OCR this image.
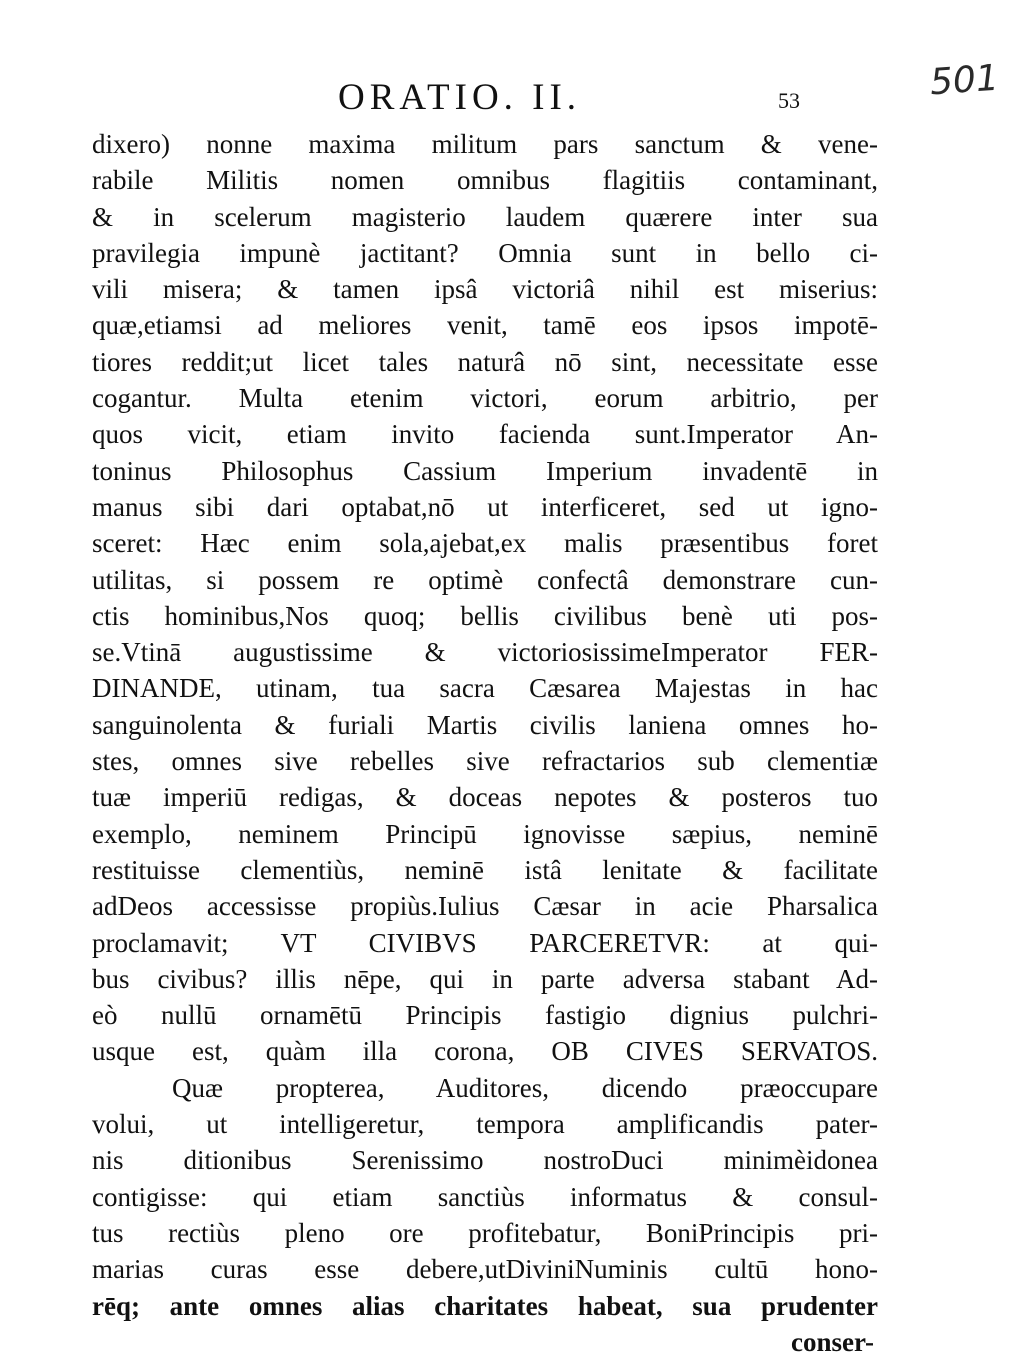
ORATIO. II.	53	501
dixero) nonne maxima militum pars sanctum & vene-
rabile Militis nomen omnibus flagitiis contaminant,
& in scelerum magisterio laudem quærere inter sua
pravilegia impunè jactitant? Omnia sunt in bello ci-
vili misera; & tamen ipsâ victoriâ nihil est miserius:
quæ,etiamsi ad meliores venit, tamē eos ipsos impotē-
tiores reddit;ut licet tales naturâ nō sint, necessitate esse
cogantur. Multa etenim victori, eorum arbitrio, per
quos vicit, etiam invito facienda sunt.Imperator An-
toninus Philosophus Cassium Imperium invadentē in
manus sibi dari optabat,nō ut interficeret, sed ut igno-
sceret: Hæc enim sola,ajebat,ex malis præsentibus foret
utilitas, si possem re optimè confectâ demonstrare cun-
ctis hominibus,Nos quoq; bellis civilibus benè uti pos-
se.Vtinā augustissime & victoriosissimeImperator FER-
DINANDE, utinam, tua sacra Cæsarea Majestas in hac
sanguinolenta & furiali Martis civilis laniena omnes ho-
stes, omnes sive rebelles sive refractarios sub clementiæ
tuæ imperiū redigas, & doceas nepotes & posteros tuo
exemplo, neminem Principū ignovisse sæpius, neminē
restituisse clementiùs, neminē istâ lenitate & facilitate
adDeos accessisse propiùs.Iulius Cæsar in acie Pharsalica
proclamavit; VT CIVIBVS PARCERETVR: at qui-
bus civibus? illis nēpe, qui in parte adversa stabant Ad-
eò nullū ornamētū Principis fastigio dignius pulchri-
usque est, quàm illa corona, OB CIVES SERVATOS.
Quæ propterea, Auditores, dicendo præoccupare
volui, ut intelligeretur, tempora amplificandis pater-
nis ditionibus Serenissimo nostroDuci minimèidonea
contigisse: qui etiam sanctiùs informatus & consul-
tus rectiùs pleno ore profitebatur, BoniPrincipis pri-
marias curas esse debere,utDiviniNuminis cultū hono-
rēq; ante omnes alias charitates habeat, sua prudenter
conser-
